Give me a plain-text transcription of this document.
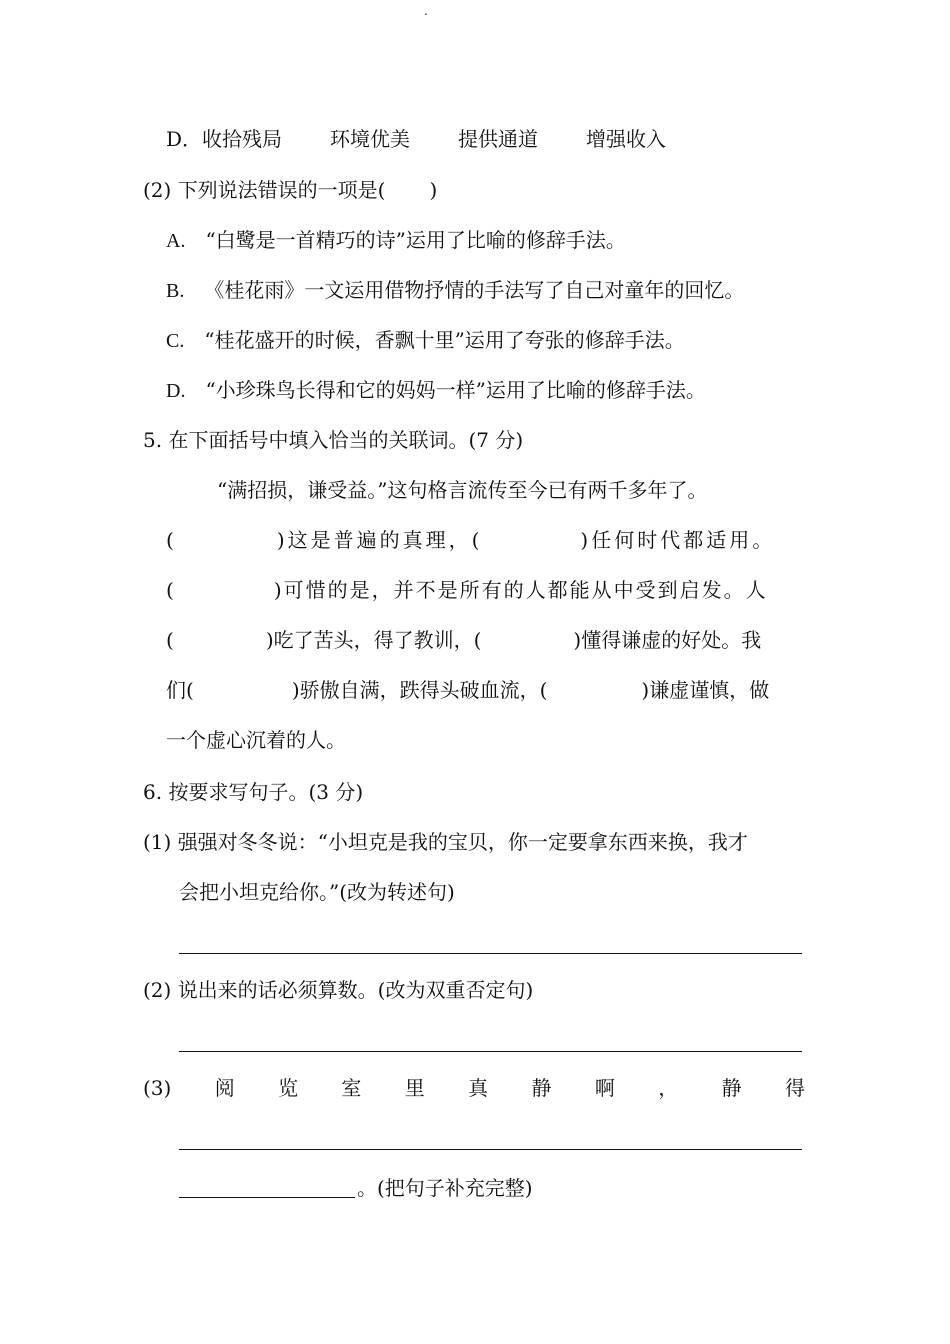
.
D．收拾残局 环境优美 提供通道 增强收入
(2) 下列说法错误的一项是( )
A. “白鹭是一首精巧的诗”运用了比喻的修辞手法。
B. 《桂花雨》一文运用借物抒情的手法写了自己对童年的回忆。
C. “桂花盛开的时候，香飘十里”运用了夸张的修辞手法。
D. “小珍珠鸟长得和它的妈妈一样”运用了比喻的修辞手法。
5. 在下面括号中填入恰当的关联词。(7 分)
“满招损，谦受益。”这句格言流传至今已有两千多年了。
(	)这是普遍的真理，(	)任何时代都适用。
(	)可惜的是，并不是所有的人都能从中受到启发。人
(	)吃了苦头，得了教训，(	)懂得谦虚的好处。我
们(	)骄傲自满，跌得头破血流，(	)谦虚谨慎，做
一个虚心沉着的人。
6. 按要求写句子。(3 分)
(1) 强强对冬冬说：“小坦克是我的宝贝，你一定要拿东西来换，我才
会把小坦克给你。”(改为转述句)
(2) 说出来的话必须算数。(改为双重否定句)
(3) 阅 览 室 里 真 静 啊 ， 静 得
。(把句子补充完整)
